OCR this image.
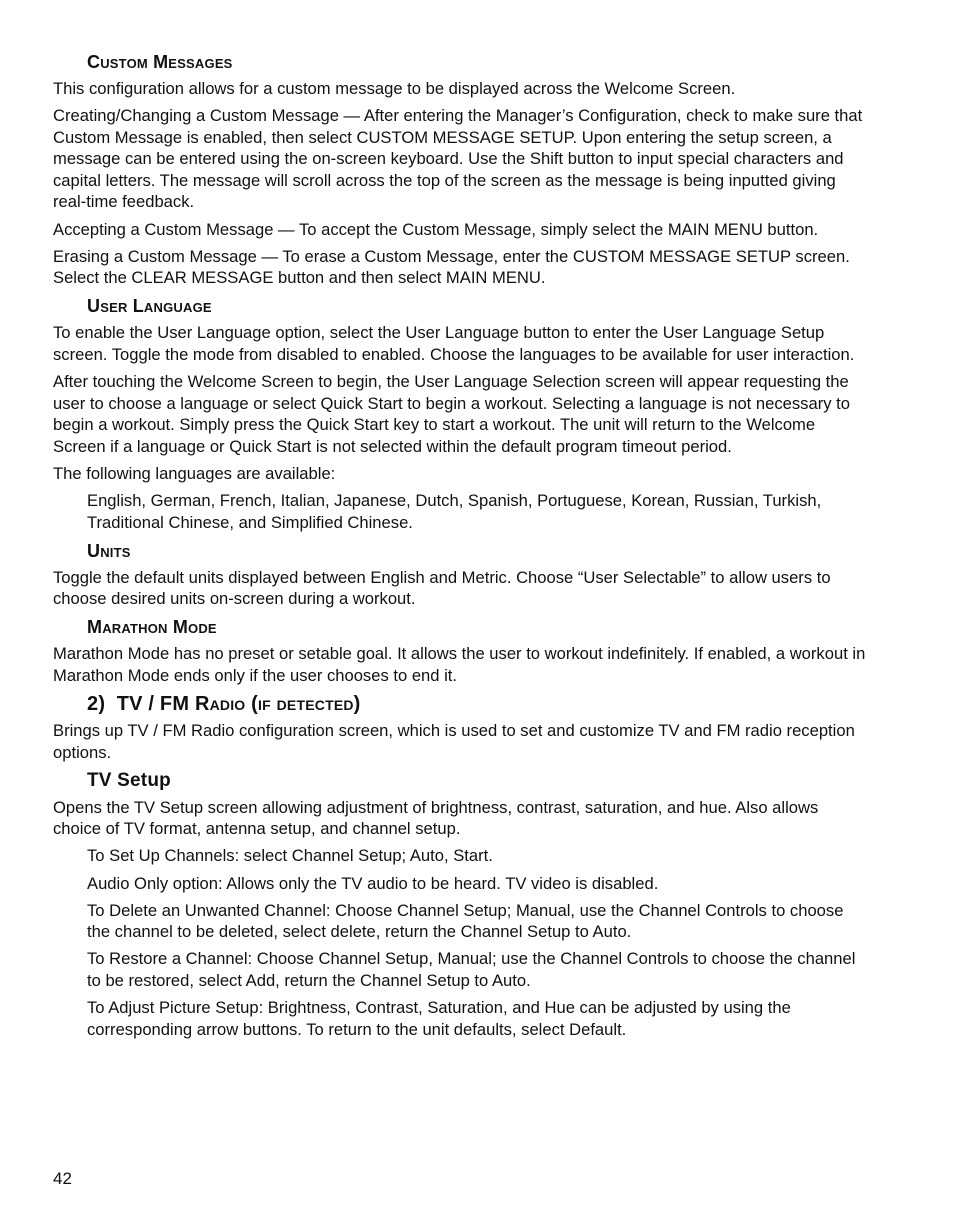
Custom Messages

This configuration allows for a custom message to be displayed across the Welcome Screen.

Creating/Changing a Custom Message — After entering the Manager’s Configuration, check to make sure that Custom Message is enabled, then select CUSTOM MESSAGE SETUP. Upon entering the setup screen, a message can be entered using the on-screen keyboard. Use the Shift button to input special characters and capital letters. The message will scroll across the top of the screen as the message is being inputted giving real-time feedback.

Accepting a Custom Message — To accept the Custom Message, simply select the MAIN MENU button.

Erasing a Custom Message — To erase a Custom Message, enter the CUSTOM MESSAGE SETUP screen. Select the CLEAR MESSAGE button and then select MAIN MENU.

User Language

To enable the User Language option, select the User Language button to enter the User Language Setup screen. Toggle the mode from disabled to enabled. Choose the languages to be available for user interaction.

After touching the Welcome Screen to begin, the User Language Selection screen will appear requesting the user to choose a language or select Quick Start to begin a workout. Selecting a language is not necessary to begin a workout. Simply press the Quick Start key to start a workout. The unit will return to the Welcome Screen if a language or Quick Start is not selected within the default program timeout period.

The following languages are available:

English, German, French, Italian, Japanese, Dutch, Spanish, Portuguese, Korean, Russian, Turkish, Traditional Chinese, and Simplified Chinese.

Units

Toggle the default units displayed between English and Metric. Choose “User Selectable” to allow users to choose desired units on-screen during a workout.

Marathon Mode

Marathon Mode has no preset or setable goal. It allows the user to workout indefinitely. If enabled, a workout in Marathon Mode ends only if the user chooses to end it.

2)  TV / FM Radio (if detected)

Brings up TV / FM Radio configuration screen, which is used to set and customize TV and FM radio reception options.

TV Setup

Opens the TV Setup screen allowing adjustment of brightness, contrast, saturation, and hue. Also allows choice of TV format, antenna setup, and channel setup.

To Set Up Channels: select Channel Setup; Auto, Start.

Audio Only option: Allows only the TV audio to be heard. TV video is disabled.

To Delete an Unwanted Channel: Choose Channel Setup; Manual, use the Channel Controls to choose the channel to be deleted, select delete, return the Channel Setup to Auto.

To Restore a Channel: Choose Channel Setup, Manual; use the Channel Controls to choose the channel to be restored, select Add, return the Channel Setup to Auto.

To Adjust Picture Setup: Brightness, Contrast, Saturation, and Hue can be adjusted by using the corresponding arrow buttons. To return to the unit defaults, select Default.

42
